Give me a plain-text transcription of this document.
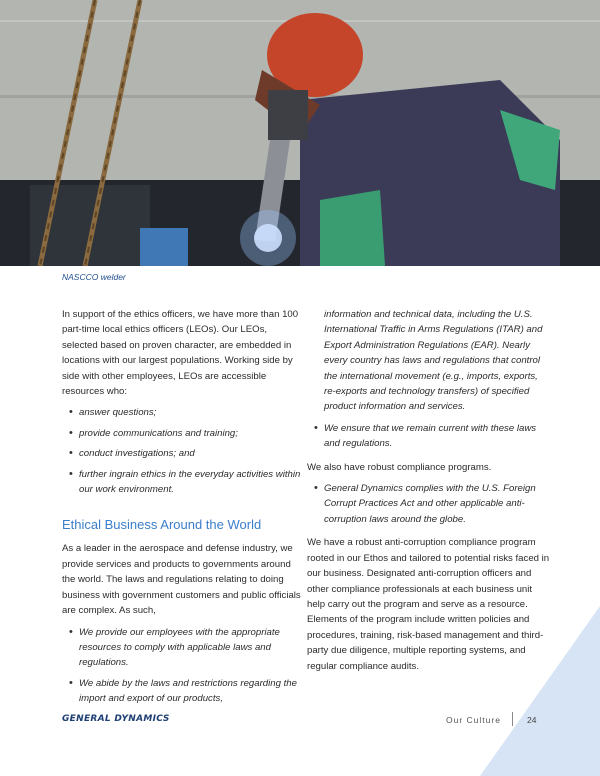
NASCCO welder

In support of the ethics officers, we have more than 100 part-time local ethics officers (LEOs). Our LEOs, selected based on proven character, are embedded in locations with our largest populations. Working side by side with other employees, LEOs are accessible resources who:

• answer questions;
• provide communications and training;
• conduct investigations; and
• further ingrain ethics in the everyday activities within our work environment.
Ethical Business Around the World

As a leader in the aerospace and defense industry, we provide services and products to governments around the world. The laws and regulations relating to doing business with government customers and public officials are complex. As such,

• We provide our employees with the appropriate resources to comply with applicable laws and regulations.
• We abide by the laws and restrictions regarding the import and export of our products,

information and technical data, including the U.S. International Traffic in Arms Regulations (ITAR) and Export Administration Regulations (EAR). Nearly every country has laws and regulations that control the international movement (e.g., imports, exports, re-exports and technology transfers) of specified product information and services.

• We ensure that we remain current with these laws and regulations.

We also have robust compliance programs.

• General Dynamics complies with the U.S. Foreign Corrupt Practices Act and other applicable anti-corruption laws around the globe.

We have a robust anti-corruption compliance program rooted in our Ethos and tailored to potential risks faced in our business. Designated anti-corruption officers and other compliance professionals at each business unit help carry out the program and serve as a resource. Elements of the program include written policies and procedures, training, risk-based management and third-party due diligence, multiple reporting systems, and regular compliance audits.

GENERAL DYNAMICS	Our Culture	24
